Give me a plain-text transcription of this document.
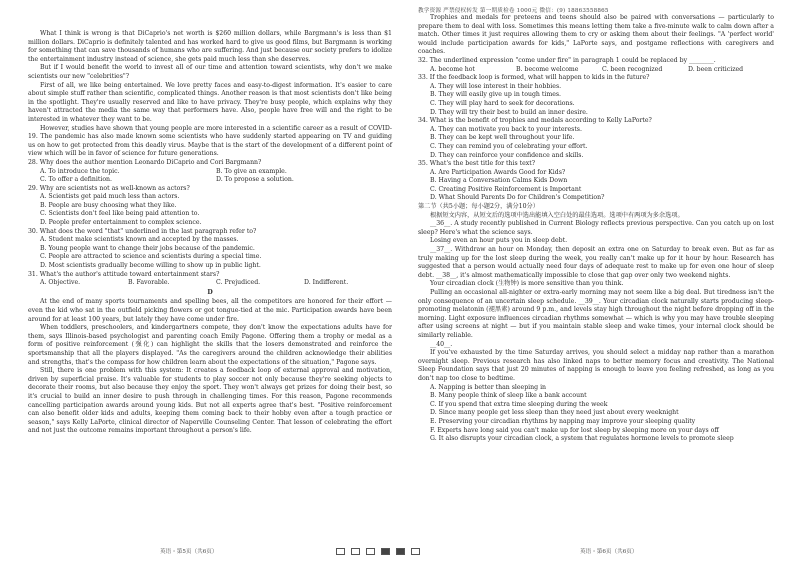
教学资源 严禁侵权转发 第一期质检卷 1000元 微信：(9) 18863558865

What I think is wrong is that DiCaprio's net worth is $260 million dollars, while Bargmann's is less than $1 million dollars. DiCaprio is definitely talented and has worked hard to give us good films, but Bargmann is working for something that can save thousands of humans who are suffering. And just because our society prefers to idolize the entertainment industry instead of science, she gets paid much less than she deserves.

But if I would benefit the world to invest all of our time and attention toward scientists, why don't we make scientists our new "celebrities"?

First of all, we like being entertained. We love pretty faces and easy-to-digest information. It's easier to care about simple stuff rather than scientific, complicated things. Another reason is that most scientists don't like being in the spotlight. They're usually reserved and like to have privacy. They're busy people, which explains why they haven't attracted the media the same way that performers have. Also, people have free will and the right to be interested in whatever they want to be.

However, studies have shown that young people are more interested in a scientific career as a result of COVID-19. The pandemic has also made known some scientists who have suddenly started appearing on TV and guiding us on how to get protected from this deadly virus. Maybe that is the start of the development of a different point of view which will be in favor of science for future generations.

28. Why does the author mention Leonardo DiCaprio and Cori Bargmann?

A. To introduce the topic.	B. To give an example.
C. To offer a definition.	D. To propose a solution.

29. Why are scientists not as well-known as actors?

A. Scientists get paid much less than actors.

B. People are busy choosing what they like.

C. Scientists don't feel like being paid attention to.

D. People prefer entertainment to complex science.

30. What does the word "that" underlined in the last paragraph refer to?

A. Student make scientists known and accepted by the masses.

B. Young people want to change their jobs because of the pandemic.

C. People are attracted to science and scientists during a special time.

D. Most scientists gradually become willing to show up in public light.

31. What's the author's attitude toward entertainment stars?

A. Objective.	B. Favorable.	C. Prejudiced.	D. Indifferent.

D

At the end of many sports tournaments and spelling bees, all the competitors are honored for their effort — even the kid who sat in the outfield picking flowers or got tongue-tied at the mic. Participation awards have been around for at least 100 years, but lately they have come under fire.

When toddlers, preschoolers, and kindergartners compete, they don't know the expectations adults have for them, says Illinois-based psychologist and parenting coach Emily Pagone. Offering them a trophy or medal as a form of positive reinforcement (强化) can highlight the skills that the losers demonstrated and reinforce the sportsmanship that all the players displayed. "As the caregivers around the children acknowledge their abilities and strengths, that's the compass for how children learn about the expectations of the situation," Pagone says.

Still, there is one problem with this system: It creates a feedback loop of external approval and motivation, driven by superficial praise. It's valuable for students to play soccer not only because they're seeking objects to decorate their rooms, but also because they enjoy the sport. They won't always get prizes for doing their best, so it's crucial to build an inner desire to push through in challenging times. For this reason, Pagone recommends cancelling participation awards around young kids. But not all experts agree that's best. "Positive reinforcement can also benefit older kids and adults, keeping them coming back to their hobby even after a tough practice or season," says Kelly LaPorte, clinical director of Naperville Counseling Center. That lesson of celebrating the effort and not just the outcome remains important throughout a person's life.

Trophies and medals for preteens and teens should also be paired with conversations — particularly to prepare them to deal with loss. Sometimes this means letting them take a five-minute walk to calm down after a match. Other times it just requires allowing them to cry or asking them about their feelings. "A 'perfect world' would include participation awards for kids," LaPorte says, and postgame reflections with caregivers and coaches.

32. The underlined expression "come under fire" in paragraph 1 could be replaced by ________.

A. become hot	B. become welcome	C. been recognized	D. been criticized

33. If the feedback loop is formed, what will happen to kids in the future?

A. They will lose interest in their hobbies.

B. They will easily give up in tough times.

C. They will play hard to seek for decorations.

D. They will try their best to build an inner desire.

34. What is the benefit of trophies and medals according to Kelly LaPorte?

A. They can motivate you back to your interests.

B. They can be kept well throughout your life.

C. They can remind you of celebrating your effort.

D. They can reinforce your confidence and skills.

35. What's the best title for this text?

A. Are Participation Awards Good for Kids?

B. Having a Conversation Calms Kids Down

C. Creating Positive Reinforcement is Important

D. What Should Parents Do for Children's Competition?

第二节（共5小题；每小题2分，满分10分）

根据短文内容，从短文后的选项中选出能填入空白处的最佳选项。选项中有两项为多余选项。

__36__. A study recently published in Current Biology reflects previous perspective. Can you catch up on lost sleep? Here's what the science says.

Losing even an hour puts you in sleep debt.

__37__. Withdraw an hour on Monday, then deposit an extra one on Saturday to break even. But as far as truly making up for the lost sleep during the week, you really can't make up for it hour by hour. Research has suggested that a person would actually need four days of adequate rest to make up for even one hour of sleep debt. __38__, it's almost mathematically impossible to close that gap over only two weekend nights.

Your circadian clock (生物钟) is more sensitive than you think.

Pulling an occasional all-nighter or extra-early morning may not seem like a big deal. But tiredness isn't the only consequence of an uncertain sleep schedule. __39__. Your circadian clock naturally starts producing sleep-promoting melatonin (褪黑素) around 9 p.m., and levels stay high throughout the night before dropping off in the morning. Light exposure influences circadian rhythms somewhat — which is why you may have trouble sleeping after using screens at night — but if you maintain stable sleep and wake times, your internal clock should be similarly reliable.

__40__.

If you've exhausted by the time Saturday arrives, you should select a midday nap rather than a marathon overnight sleep. Previous research has also linked naps to better memory focus and creativity. The National Sleep Foundation says that just 20 minutes of napping is enough to leave you feeling refreshed, as long as you don't nap too close to bedtime.

A. Napping is better than sleeping in

B. Many people think of sleep like a bank account

C. If you spend that extra time sleeping during the week

D. Since many people get less sleep than they need just about every weeknight

E. Preserving your circadian rhythms by napping may improve your sleeping quality

F. Experts have long said you can't make up for lost sleep by sleeping more on your days off

G. It also disrupts your circadian clock, a system that regulates hormone levels to promote sleep

英语・第5页（共6页）	英语・第6页（共6页）
